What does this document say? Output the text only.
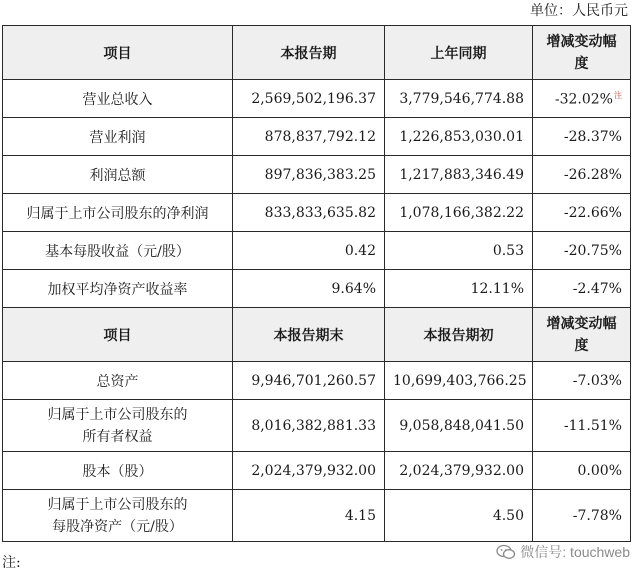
单位：人民币元
项目	本报告期	上年同期	增减变动幅度
营业总收入	2,569,502,196.37	3,779,546,774.88	-32.02%$^注$
营业利润	878,837,792.12	1,226,853,030.01	-28.37%
利润总额	897,836,383.25	1,217,883,346.49	-26.28%
归属于上市公司股东的净利润	833,833,635.82	1,078,166,382.22	-22.66%
基本每股收益（元/股）	0.42	0.53	-20.75%
加权平均净资产收益率	9.64%	12.11%	-2.47%
项目	本报告期末	本报告期初	增减变动幅度
总资产	9,946,701,260.57	10,699,403,766.25	-7.03%

归属于上市公司股东的
所有者权益	8,016,382,881.33	9,058,848,041.50	-11.51%
股本（股）	2,024,379,932.00	2,024,379,932.00	0.00%

归属于上市公司股东的
每股净资产（元/股）	4.15	4.50	-7.78%
注:
微信号: touchweb
